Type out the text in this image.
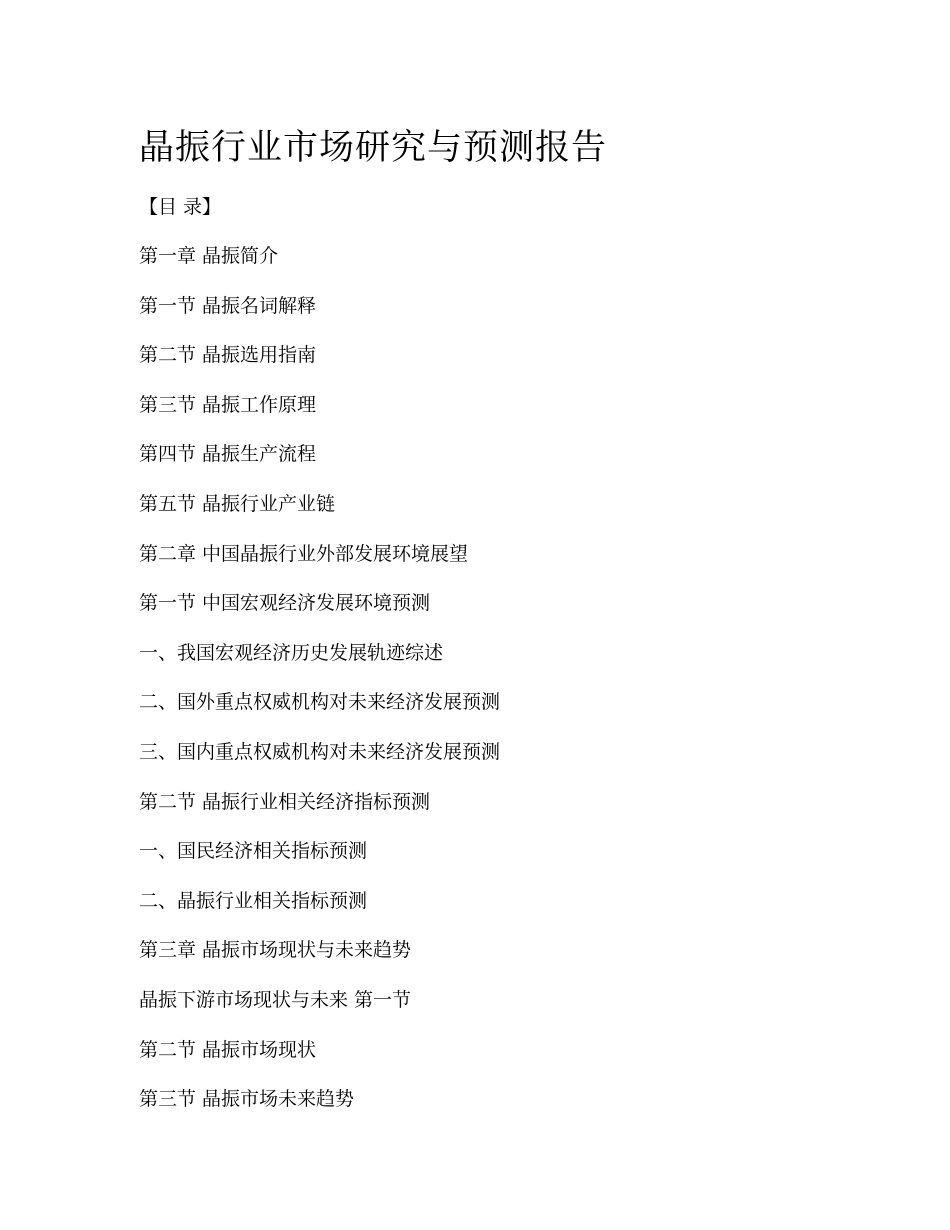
晶振行业市场研究与预测报告
【目 录】
第一章 晶振简介
第一节 晶振名词解释
第二节 晶振选用指南
第三节 晶振工作原理
第四节 晶振生产流程
第五节 晶振行业产业链
第二章 中国晶振行业外部发展环境展望
第一节 中国宏观经济发展环境预测
一、我国宏观经济历史发展轨迹综述
二、国外重点权威机构对未来经济发展预测
三、国内重点权威机构对未来经济发展预测
第二节 晶振行业相关经济指标预测
一、国民经济相关指标预测
二、晶振行业相关指标预测
第三章 晶振市场现状与未来趋势
晶振下游市场现状与未来 第一节
第二节 晶振市场现状
第三节 晶振市场未来趋势
